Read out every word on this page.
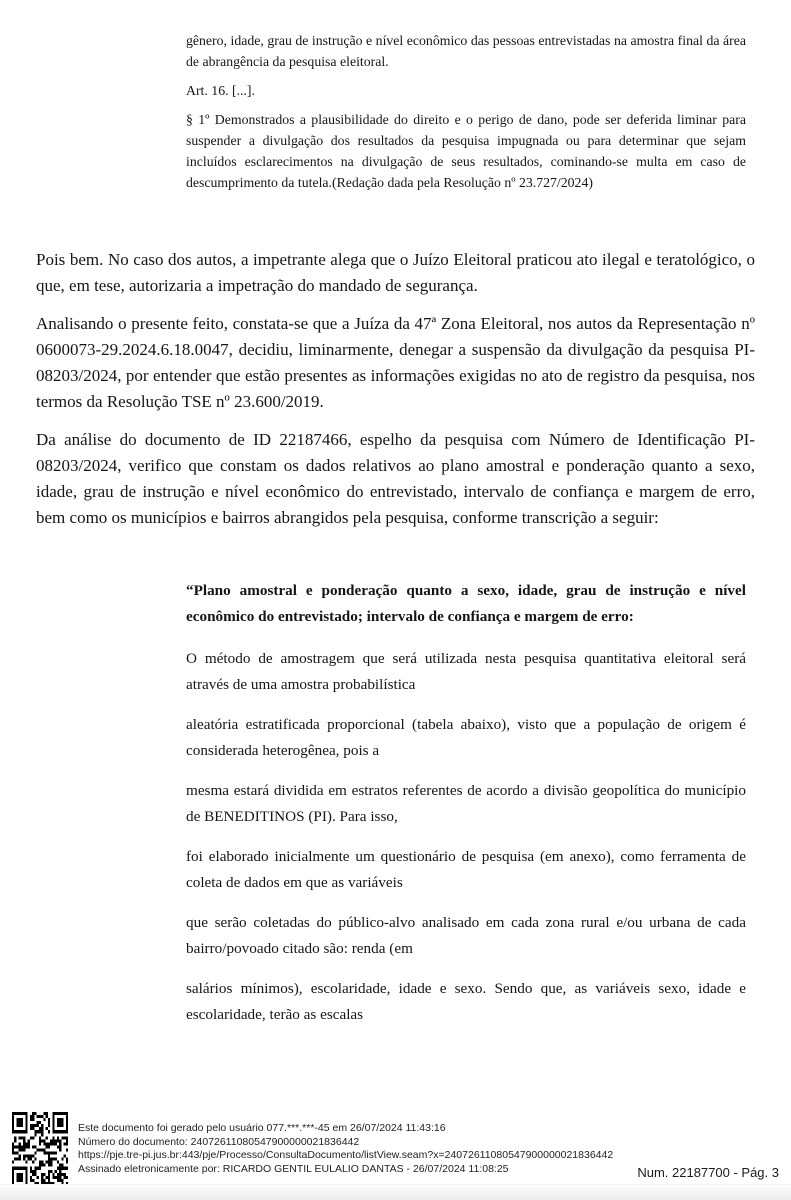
gênero, idade, grau de instrução e nível econômico das pessoas entrevistadas na amostra final da área de abrangência da pesquisa eleitoral.

Art. 16. [...].

§ 1º Demonstrados a plausibilidade do direito e o perigo de dano, pode ser deferida liminar para suspender a divulgação dos resultados da pesquisa impugnada ou para determinar que sejam incluídos esclarecimentos na divulgação de seus resultados, cominando-se multa em caso de descumprimento da tutela.(Redação dada pela Resolução nº 23.727/2024)

Pois bem. No caso dos autos, a impetrante alega que o Juízo Eleitoral praticou ato ilegal e teratológico, o que, em tese, autorizaria a impetração do mandado de segurança.

Analisando o presente feito, constata-se que a Juíza da 47ª Zona Eleitoral, nos autos da Representação nº 0600073-29.2024.6.18.0047, decidiu, liminarmente, denegar a suspensão da divulgação da pesquisa PI-08203/2024, por entender que estão presentes as informações exigidas no ato de registro da pesquisa, nos termos da Resolução TSE nº 23.600/2019.

Da análise do documento de ID 22187466, espelho da pesquisa com Número de Identificação PI-08203/2024, verifico que constam os dados relativos ao plano amostral e ponderação quanto a sexo, idade, grau de instrução e nível econômico do entrevistado, intervalo de confiança e margem de erro, bem como os municípios e bairros abrangidos pela pesquisa, conforme transcrição a seguir:

“Plano amostral e ponderação quanto a sexo, idade, grau de instrução e nível econômico do entrevistado; intervalo de confiança e margem de erro:

O método de amostragem que será utilizada nesta pesquisa quantitativa eleitoral será através de uma amostra probabilística

aleatória estratificada proporcional (tabela abaixo), visto que a população de origem é considerada heterogênea, pois a

mesma estará dividida em estratos referentes de acordo a divisão geopolítica do município de BENEDITINOS (PI). Para isso,

foi elaborado inicialmente um questionário de pesquisa (em anexo), como ferramenta de coleta de dados em que as variáveis

que serão coletadas do público-alvo analisado em cada zona rural e/ou urbana de cada bairro/povoado citado são: renda (em

salários mínimos), escolaridade, idade e sexo. Sendo que, as variáveis sexo, idade e escolaridade, terão as escalas

Este documento foi gerado pelo usuário 077.***.***-45 em 26/07/2024 11:43:16
Número do documento: 24072611080547900000021836442
https://pje.tre-pi.jus.br:443/pje/Processo/ConsultaDocumento/listView.seam?x=24072611080547900000021836442
Assinado eletronicamente por: RICARDO GENTIL EULALIO DANTAS - 26/07/2024 11:08:25	Num. 22187700 - Pág. 3
